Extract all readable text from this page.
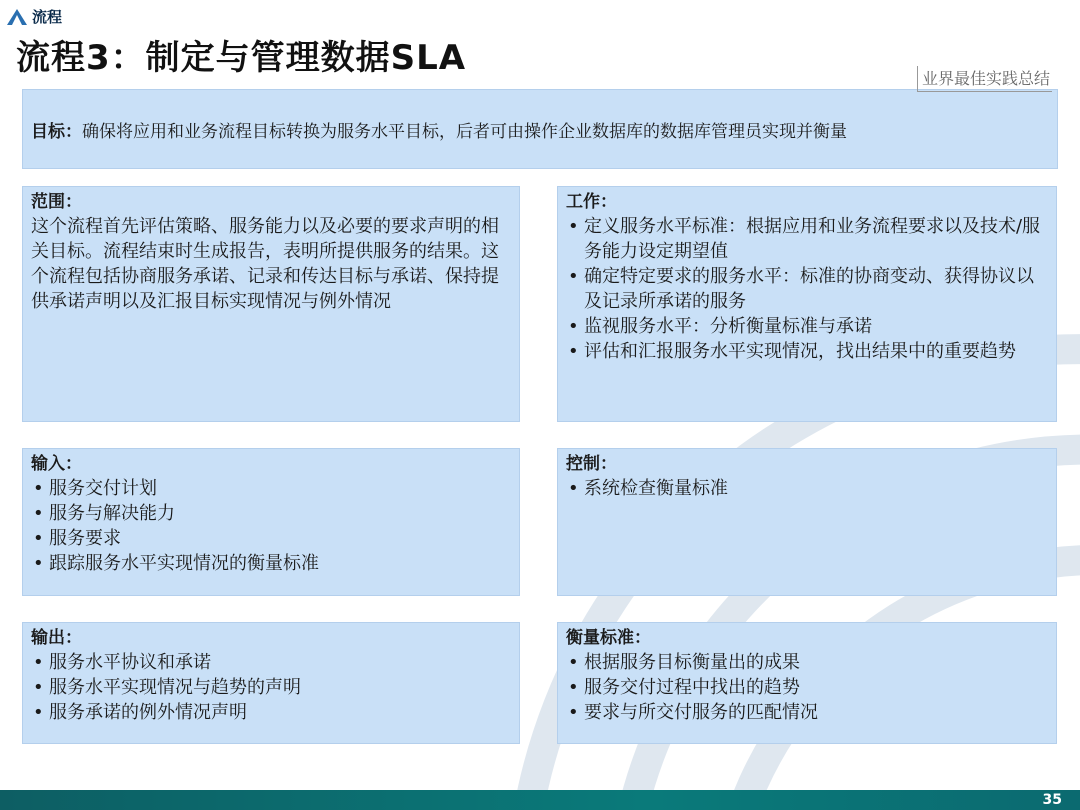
流程
流程3：制定与管理数据SLA
业界最佳实践总结
目标： 确保将应用和业务流程目标转换为服务水平目标，后者可由操作企业数据库的数据库管理员实现并衡量
范围：
这个流程首先评估策略、服务能力以及必要的要求声明的相关目标。流程结束时生成报告，表明所提供服务的结果。这个流程包括协商服务承诺、记录和传达目标与承诺、保持提供承诺声明以及汇报目标实现情况与例外情况
工作：
• 定义服务水平标准：根据应用和业务流程要求以及技术/服务能力设定期望值
• 确定特定要求的服务水平：标准的协商变动、获得协议以及记录所承诺的服务
• 监视服务水平：分析衡量标准与承诺
• 评估和汇报服务水平实现情况，找出结果中的重要趋势
输入：
• 服务交付计划
• 服务与解决能力
• 服务要求
• 跟踪服务水平实现情况的衡量标准
控制：
• 系统检查衡量标准
输出：
• 服务水平协议和承诺
• 服务水平实现情况与趋势的声明
• 服务承诺的例外情况声明
衡量标准：
• 根据服务目标衡量出的成果
• 服务交付过程中找出的趋势
• 要求与所交付服务的匹配情况
35
